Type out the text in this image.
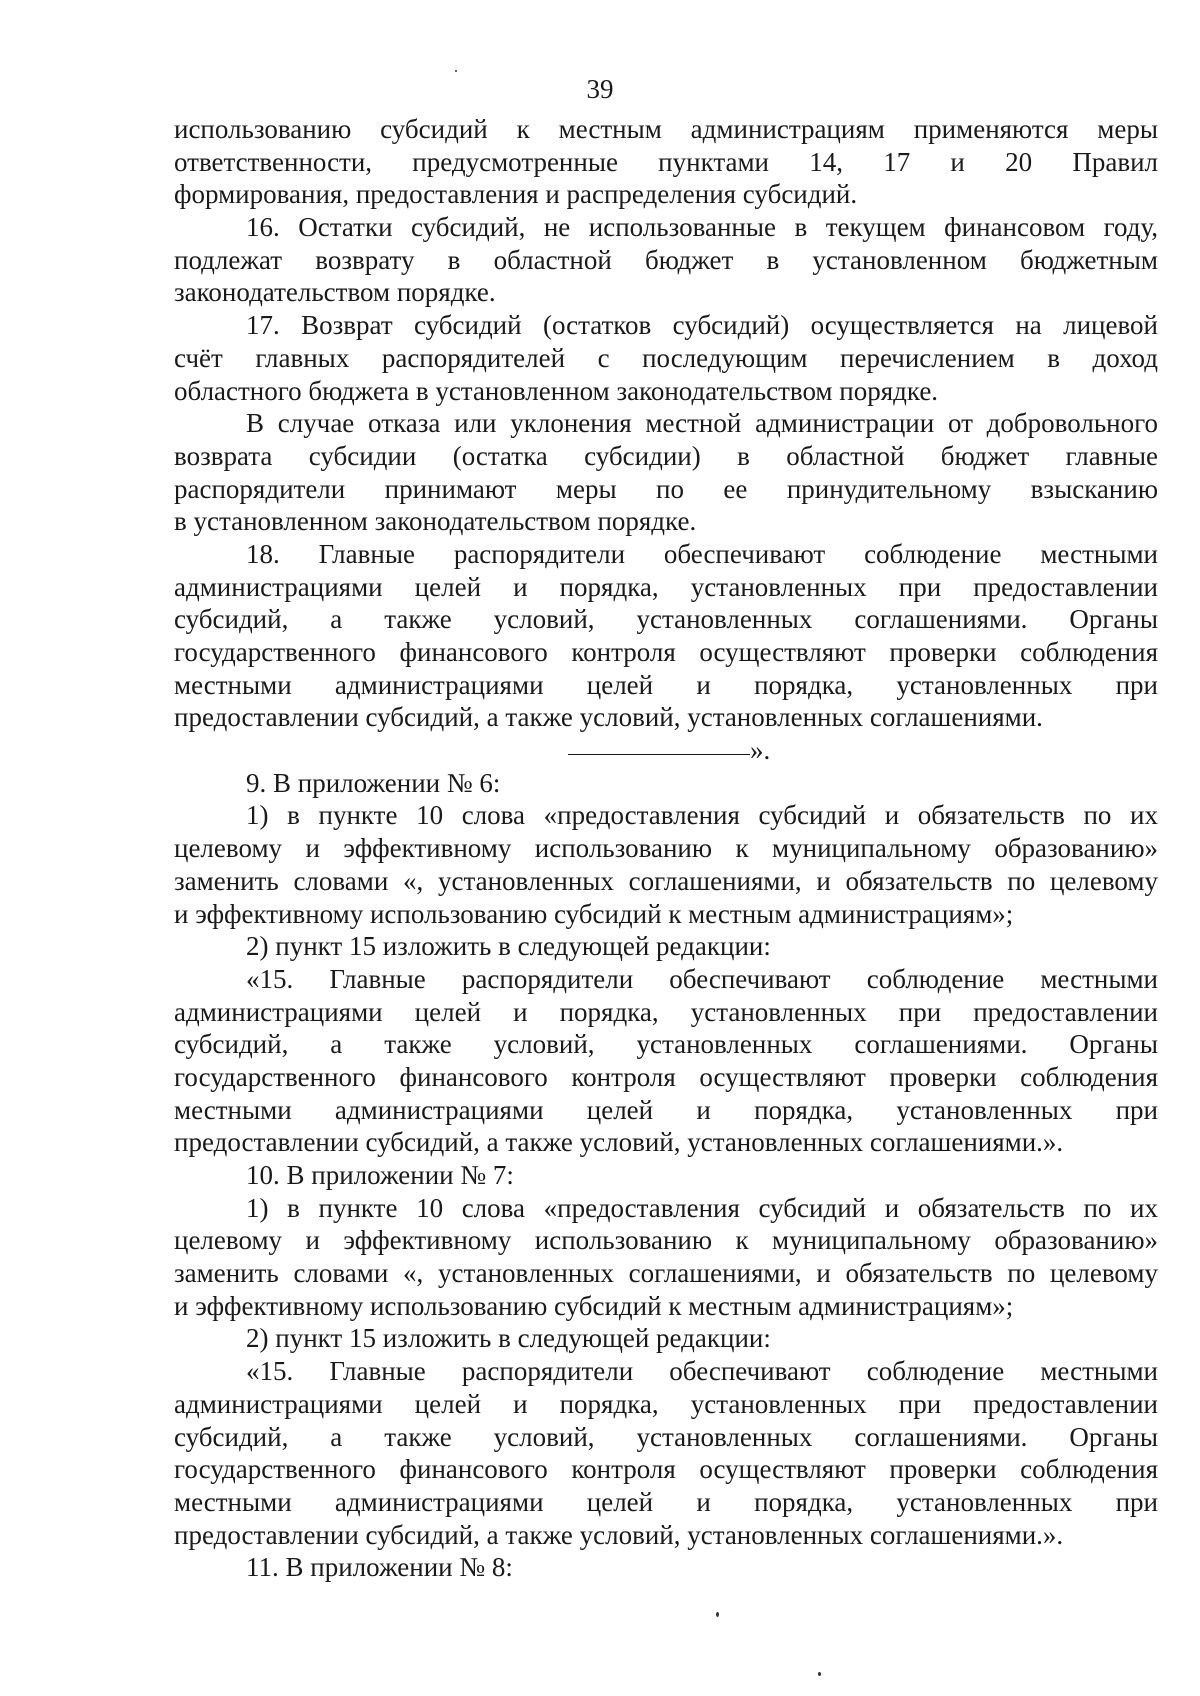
39
использованию субсидий к местным администрациям применяются меры
ответственности, предусмотренные пунктами 14, 17 и 20 Правил
формирования, предоставления и распределения субсидий.
16. Остатки субсидий, не использованные в текущем финансовом году,
подлежат возврату в областной бюджет в установленном бюджетным
законодательством порядке.
17. Возврат субсидий (остатков субсидий) осуществляется на лицевой
счёт главных распорядителей с последующим перечислением в доход
областного бюджета в установленном законодательством порядке.
В случае отказа или уклонения местной администрации от добровольного
возврата субсидии (остатка субсидии) в областной бюджет главные
распорядители принимают меры по ее принудительному взысканию
в установленном законодательством порядке.
18. Главные распорядители обеспечивают соблюдение местными
администрациями целей и порядка, установленных при предоставлении
субсидий, а также условий, установленных соглашениями. Органы
государственного финансового контроля осуществляют проверки соблюдения
местными администрациями целей и порядка, установленных при
предоставлении субсидий, а также условий, установленных соглашениями.
».
9. В приложении № 6:
1) в пункте 10 слова «предоставления субсидий и обязательств по их
целевому и эффективному использованию к муниципальному образованию»
заменить словами «, установленных соглашениями, и обязательств по целевому
и эффективному использованию субсидий к местным администрациям»;
2) пункт 15 изложить в следующей редакции:
«15. Главные распорядители обеспечивают соблюдение местными
администрациями целей и порядка, установленных при предоставлении
субсидий, а также условий, установленных соглашениями. Органы
государственного финансового контроля осуществляют проверки соблюдения
местными администрациями целей и порядка, установленных при
предоставлении субсидий, а также условий, установленных соглашениями.».
10. В приложении № 7:
1) в пункте 10 слова «предоставления субсидий и обязательств по их
целевому и эффективному использованию к муниципальному образованию»
заменить словами «, установленных соглашениями, и обязательств по целевому
и эффективному использованию субсидий к местным администрациям»;
2) пункт 15 изложить в следующей редакции:
«15. Главные распорядители обеспечивают соблюдение местными
администрациями целей и порядка, установленных при предоставлении
субсидий, а также условий, установленных соглашениями. Органы
государственного финансового контроля осуществляют проверки соблюдения
местными администрациями целей и порядка, установленных при
предоставлении субсидий, а также условий, установленных соглашениями.».
11. В приложении № 8:
